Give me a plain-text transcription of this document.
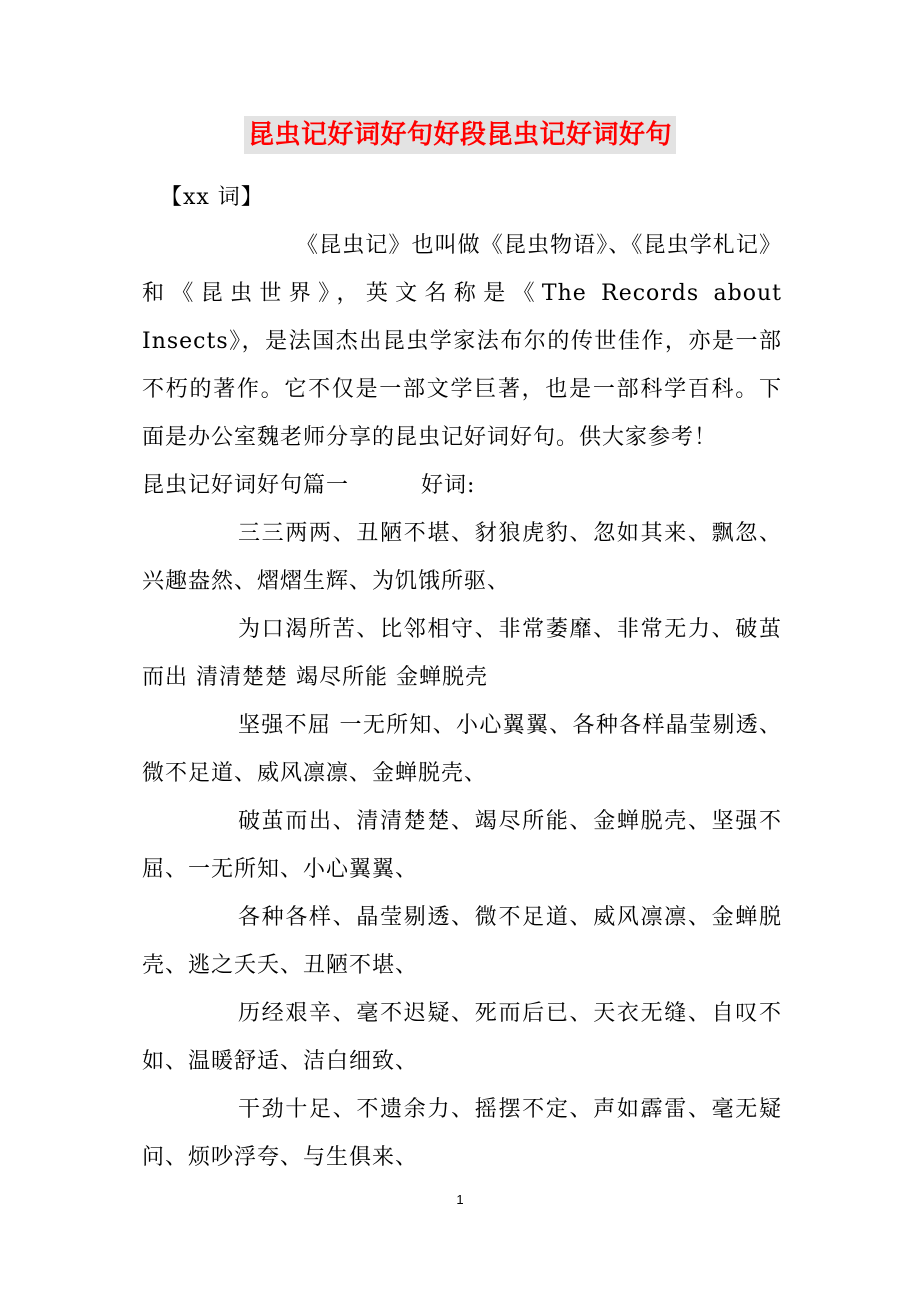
昆虫记好词好句好段昆虫记好词好句

【xx 词】

《昆虫记》也叫做《昆虫物语》、《昆虫学札记》和《昆虫世界》，英文名称是《The Records about Insects》，是法国杰出昆虫学家法布尔的传世佳作，亦是一部不朽的著作。它不仅是一部文学巨著，也是一部科学百科。下面是办公室魏老师分享的昆虫记好词好句。供大家参考！

昆虫记好词好句篇一	好词:

三三两两、丑陋不堪、豺狼虎豹、忽如其来、飘忽、兴趣盎然、熠熠生辉、为饥饿所驱、

为口渴所苦、比邻相守、非常萎靡、非常无力、破茧而出 清清楚楚 竭尽所能 金蝉脱壳

坚强不屈 一无所知、小心翼翼、各种各样晶莹剔透、微不足道、威风凛凛、金蝉脱壳、

破茧而出、清清楚楚、竭尽所能、金蝉脱壳、坚强不屈、一无所知、小心翼翼、

各种各样、晶莹剔透、微不足道、威风凛凛、金蝉脱壳、逃之夭夭、丑陋不堪、

历经艰辛、毫不迟疑、死而后已、天衣无缝、自叹不如、温暖舒适、洁白细致、

干劲十足、不遗余力、摇摆不定、声如霹雷、毫无疑问、烦吵浮夸、与生俱来、

1
